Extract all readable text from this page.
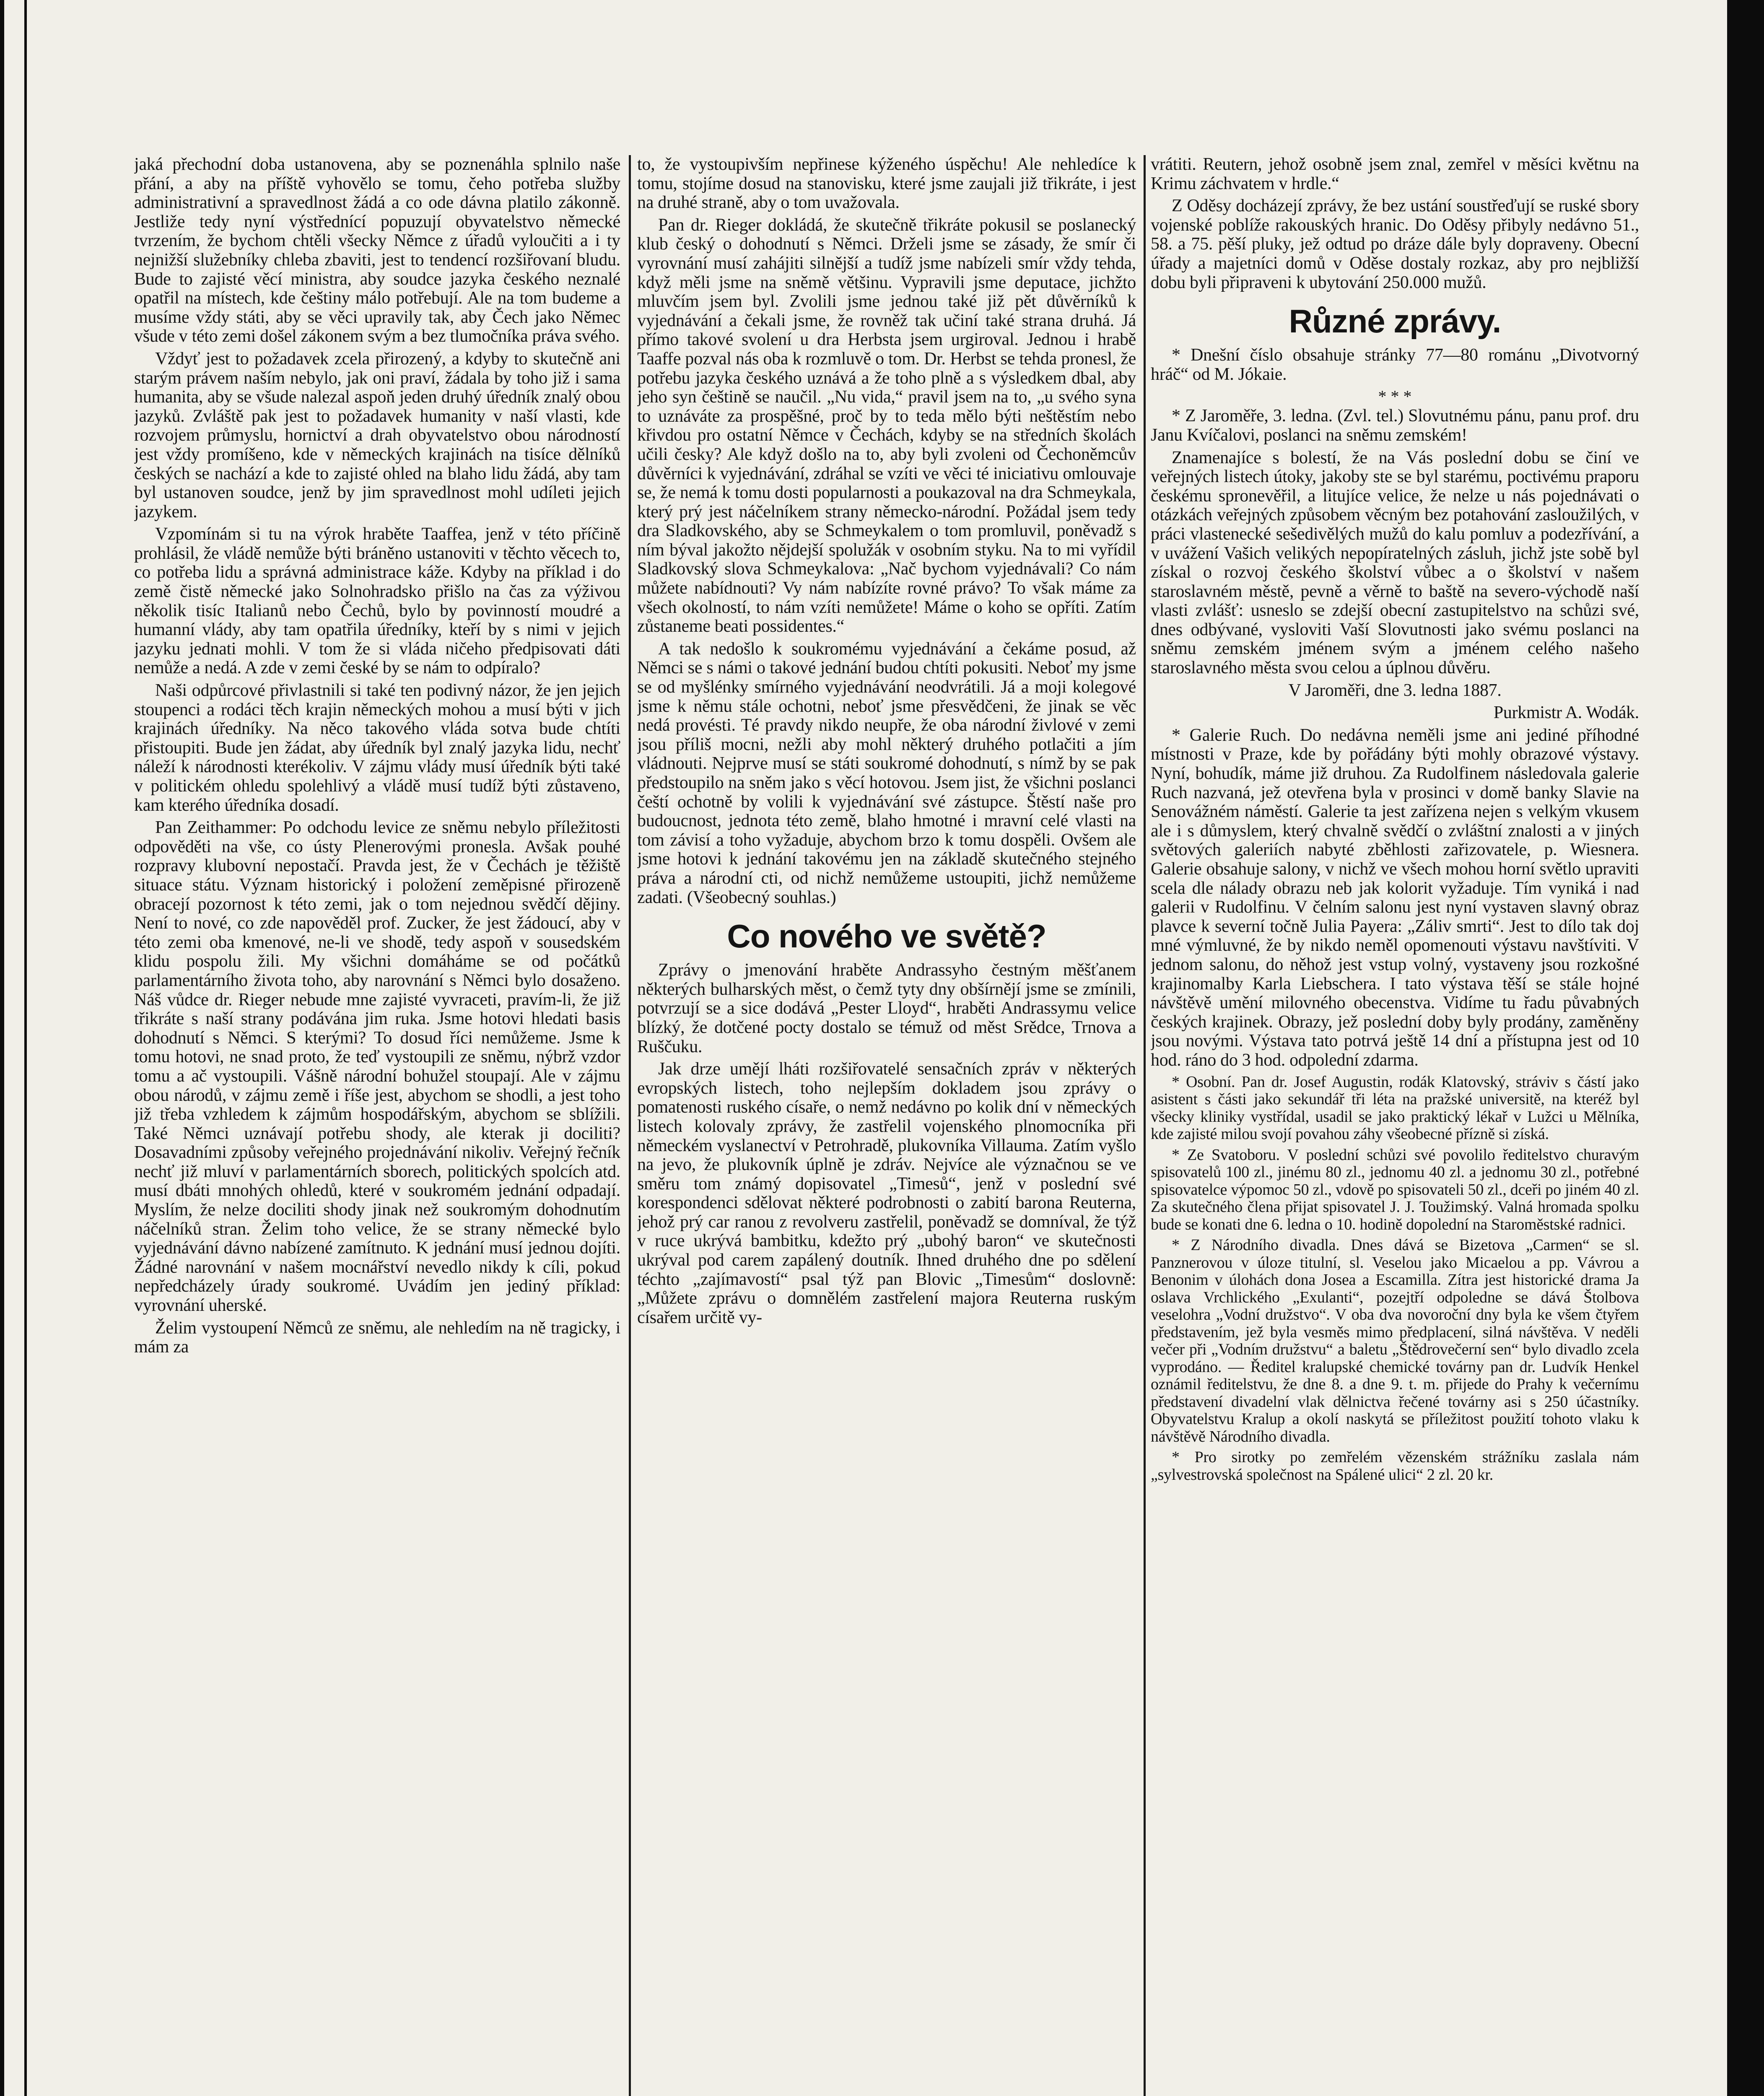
jaká přechodní doba ustanovena, aby se poznenáhla splnilo naše přání, a aby na příště vyhovělo se tomu, čeho potřeba služby administrativní a spravedlnost žádá a co ode dávna platilo zákonně. Jestliže tedy nyní výstřednící popuzují obyvatelstvo německé tvrzením, že bychom chtěli všecky Němce z úřadů vyloučiti a i ty nejnižší služebníky chleba zbaviti, jest to tendencí rozšiřovaní bludu. Bude to zajisté věcí ministra, aby soudce jazyka českého neznalé opatřil na místech, kde češtiny málo potřebují. Ale na tom budeme a musíme vždy státi, aby se věci upravily tak, aby Čech jako Němec všude v této zemi došel zákonem svým a bez tlumočníka práva svého.

Vždyť jest to požadavek zcela přirozený, a kdyby to skutečně ani starým právem naším nebylo, jak oni praví, žádala by toho již i sama humanita, aby se všude nalezal aspoň jeden druhý úředník znalý obou jazyků. Zvláště pak jest to požadavek humanity v naší vlasti, kde rozvojem průmyslu, hornictví a drah obyvatelstvo obou národností jest vždy promíšeno, kde v německých krajinách na tisíce dělníků českých se nachází a kde to zajisté ohled na blaho lidu žádá, aby tam byl ustanoven soudce, jenž by jim spravedlnost mohl udíleti jejich jazykem.

Vzpomínám si tu na výrok hraběte Taaffea, jenž v této příčině prohlásil, že vládě nemůže býti bráněno ustanoviti v těchto věcech to, co potřeba lidu a správná administrace káže. Kdyby na příklad i do země čistě německé jako Solnohradsko přišlo na čas za výživou několik tisíc Italianů nebo Čechů, bylo by povinností moudré a humanní vlády, aby tam opatřila úředníky, kteří by s nimi v jejich jazyku jednati mohli. V tom že si vláda ničeho předpisovati dáti nemůže a nedá. A zde v zemi české by se nám to odpíralo?

Naši odpůrcové přivlastnili si také ten podivný názor, že jen jejich stoupenci a rodáci těch krajin německých mohou a musí býti v jich krajinách úředníky. Na něco takového vláda sotva bude chtíti přistoupiti. Bude jen žádat, aby úředník byl znalý jazyka lidu, nechť náleží k národnosti kterékoliv. V zájmu vlády musí úředník býti také v politickém ohledu spolehlivý a vládě musí tudíž býti zůstaveno, kam kterého úředníka dosadí.

Pan Zeithammer: Po odchodu levice ze sněmu nebylo příležitosti odpověděti na vše, co ústy Plenerovými pronesla. Avšak pouhé rozpravy klubovní nepostačí. Pravda jest, že v Čechách je těžiště situace státu. Význam historický i položení zeměpisné přirozeně obracejí pozornost k této zemi, jak o tom nejednou svědčí dějiny. Není to nové, co zde napověděl prof. Zucker, že jest žádoucí, aby v této zemi oba kmenové, ne-li ve shodě, tedy aspoň v sousedském klidu pospolu žili. My všichni domáháme se od počátků parlamentárního života toho, aby narovnání s Němci bylo dosaženo. Náš vůdce dr. Rieger nebude mne zajisté vyvraceti, pravím-li, že již třikráte s naší strany podávána jim ruka. Jsme hotovi hledati basis dohodnutí s Němci. S kterými? To dosud říci nemůžeme. Jsme k tomu hotovi, ne snad proto, že teď vystoupili ze sněmu, nýbrž vzdor tomu a ač vystoupili. Vášně národní bohužel stoupají. Ale v zájmu obou národů, v zájmu země i říše jest, abychom se shodli, a jest toho již třeba vzhledem k zájmům hospodářským, abychom se sblížili. Také Němci uznávají potřebu shody, ale kterak ji dociliti? Dosavadními způsoby veřejného projednávání nikoliv. Veřejný řečník nechť již mluví v parlamentárních sborech, politických spolcích atd. musí dbáti mnohých ohledů, které v soukromém jednání odpadají. Myslím, že nelze dociliti shody jinak než soukromým dohodnutím náčelníků stran. Želim toho velice, že se strany německé bylo vyjednávání dávno nabízené zamítnuto. K jednání musí jednou dojíti. Žádné narovnání v našem mocnářství nevedlo nikdy k cíli, pokud nepředcházely úrady soukromé. Uvádím jen jediný příklad: vyrovnání uherské.

Želim vystoupení Němců ze sněmu, ale nehledím na ně tragicky, i mám za

to, že vystoupivším nepřinese kýženého úspěchu! Ale nehledíce k tomu, stojíme dosud na stanovisku, které jsme zaujali již třikráte, i jest na druhé straně, aby o tom uvažovala.

Pan dr. Rieger dokládá, že skutečně třikráte pokusil se poslanecký klub český o dohodnutí s Němci. Drželi jsme se zásady, že smír či vyrovnání musí zahájiti silnější a tudíž jsme nabízeli smír vždy tehda, když měli jsme na sněmě většinu. Vypravili jsme deputace, jichžto mluvčím jsem byl. Zvolili jsme jednou také již pět důvěrníků k vyjednávání a čekali jsme, že rovněž tak učiní také strana druhá. Já přímo takové svolení u dra Herbsta jsem urgiroval. Jednou i hrabě Taaffe pozval nás oba k rozmluvě o tom. Dr. Herbst se tehda pronesl, že potřebu jazyka českého uznává a že toho plně a s výsledkem dbal, aby jeho syn češtině se naučil. „Nu vida,“ pravil jsem na to, „u svého syna to uznáváte za prospěšné, proč by to teda mělo býti neštěstím nebo křivdou pro ostatní Němce v Čechách, kdyby se na středních školách učili česky? Ale když došlo na to, aby byli zvoleni od Čechoněmcův důvěrníci k vyjednávání, zdráhal se vzíti ve věci té iniciativu omlouvaje se, že nemá k tomu dosti popularnosti a poukazoval na dra Schmeykala, který prý jest náčelníkem strany německo-národní. Požádal jsem tedy dra Sladkovského, aby se Schmeykalem o tom promluvil, poněvadž s ním býval jakožto nějdejší spolužák v osobním styku. Na to mi vyřídil Sladkovský slova Schmeykalova: „Nač bychom vyjednávali? Co nám můžete nabídnouti? Vy nám nabízíte rovné právo? To však máme za všech okolností, to nám vzíti nemůžete! Máme o koho se opříti. Zatím zůstaneme beati possidentes.“

A tak nedošlo k soukromému vyjednávání a čekáme posud, až Němci se s námi o takové jednání budou chtíti pokusiti. Neboť my jsme se od myšlénky smírného vyjednávání neodvrátili. Já a moji kolegové jsme k němu stále ochotni, neboť jsme přesvědčeni, že jinak se věc nedá provésti. Té pravdy nikdo neupře, že oba národní živlové v zemi jsou příliš mocni, nežli aby mohl některý druhého potlačiti a jím vládnouti. Nejprve musí se státi soukromé dohodnutí, s nímž by se pak předstoupilo na sněm jako s věcí hotovou. Jsem jist, že všichni poslanci čeští ochotně by volili k vyjednávání své zástupce. Štěstí naše pro budoucnost, jednota této země, blaho hmotné i mravní celé vlasti na tom závisí a toho vyžaduje, abychom brzo k tomu dospěli. Ovšem ale jsme hotovi k jednání takovému jen na základě skutečného stejného práva a národní cti, od nichž nemůžeme ustoupiti, jichž nemůžeme zadati. (Všeobecný souhlas.)

Co nového ve světě?

Zprávy o jmenování hraběte Andrassyho čestným měšťanem některých bulharských měst, o čemž tyty dny obšírnějí jsme se zmínili, potvrzují se a sice dodává „Pester Lloyd“, hraběti Andrassymu velice blízký, že dotčené pocty dostalo se témuž od měst Srědce, Trnova a Ruščuku.

Jak drze umějí lháti rozšiřovatelé sensačních zpráv v některých evropských listech, toho nejlepším dokladem jsou zprávy o pomatenosti ruského císaře, o nemž nedávno po kolik dní v německých listech kolovaly zprávy, že zastřelil vojenského plnomocníka při německém vyslanectví v Petrohradě, plukovníka Villauma. Zatím vyšlo na jevo, že plukovník úplně je zdráv. Nejvíce ale význačnou se ve směru tom známý dopisovatel „Timesů“, jenž v poslední své korespondenci sdělovat některé podrobnosti o zabití barona Reuterna, jehož prý car ranou z revolveru zastřelil, poněvadž se domníval, že týž v ruce ukrývá bambitku, kdežto prý „ubohý baron“ ve skutečnosti ukrýval pod carem zapálený doutník. Ihned druhého dne po sdělení téchto „zajímavostí“ psal týž pan Blovic „Timesům“ doslovně: „Můžete zprávu o domnělém zastřelení majora Reuterna ruským císařem určitě vy-

vrátiti. Reutern, jehož osobně jsem znal, zemřel v měsíci květnu na Krimu záchvatem v hrdle.“

Z Oděsy docházejí zprávy, že bez ustání soustřeďují se ruské sbory vojenské poblíže rakouských hranic. Do Oděsy přibyly nedávno 51., 58. a 75. pěší pluky, jež odtud po dráze dále byly dopraveny. Obecní úřady a majetníci domů v Oděse dostaly rozkaz, aby pro nejbližší dobu byli připraveni k ubytování 250.000 mužů.

Různé zprávy.

* Dnešní číslo obsahuje stránky 77—80 románu „Divotvorný hráč“ od M. Jókaie.

* * *

* Z Jaroměře, 3. ledna. (Zvl. tel.) Slovutnému pánu, panu prof. dru Janu Kvíčalovi, poslanci na sněmu zemském!

Znamenajíce s bolestí, že na Vás poslední dobu se činí ve veřejných listech útoky, jakoby ste se byl starému, poctivému praporu českému spronevěřil, a litujíce velice, že nelze u nás pojednávati o otázkách veřejných způsobem věcným bez potahování zasloužilých, v práci vlastenecké sešedivělých mužů do kalu pomluv a podezřívání, a v uvážení Vašich velikých nepopíratelných zásluh, jichž jste sobě byl získal o rozvoj českého školství vůbec a o školství v našem staroslavném městě, pevně a věrně to baště na severo-východě naší vlasti zvlášť: usneslo se zdejší obecní zastupitelstvo na schůzi své, dnes odbývané, vysloviti Vaší Slovutnosti jako svému poslanci na sněmu zemském jménem svým a jménem celého našeho staroslavného města svou celou a úplnou důvěru.

V Jaroměři, dne 3. ledna 1887.

Purkmistr A. Wodák.

* Galerie Ruch. Do nedávna neměli jsme ani jediné příhodné místnosti v Praze, kde by pořádány býti mohly obrazové výstavy. Nyní, bohudík, máme již druhou. Za Rudolfinem následovala galerie Ruch nazvaná, jež otevřena byla v prosinci v domě banky Slavie na Senovážném náměstí. Galerie ta jest zařízena nejen s velkým vkusem ale i s důmyslem, který chvalně svědčí o zvláštní znalosti a v jiných světových galeriích nabyté zběhlosti zařizovatele, p. Wiesnera. Galerie obsahuje salony, v nichž ve všech mohou horní světlo upraviti scela dle nálady obrazu neb jak kolorit vyžaduje. Tím vyniká i nad galerii v Rudolfinu. V čelním salonu jest nyní vystaven slavný obraz plavce k severní točně Julia Payera: „Záliv smrti“. Jest to dílo tak doj mné výmluvné, že by nikdo neměl opomenouti výstavu navštíviti. V jednom salonu, do něhož jest vstup volný, vystaveny jsou rozkošné krajinomalby Karla Liebschera. I tato výstava těší se stále hojné návštěvě umění milovného obecenstva. Vidíme tu řadu půvabných českých krajinek. Obrazy, jež poslední doby byly prodány, zaměněny jsou novými. Výstava tato potrvá ještě 14 dní a přístupna jest od 10 hod. ráno do 3 hod. odpolední zdarma.

* Osobní. Pan dr. Josef Augustin, rodák Klatovský, stráviv s částí jako asistent s části jako sekundář tři léta na pražské universitě, na kteréž byl všecky kliniky vystřídal, usadil se jako praktický lékař v Lužci u Mělníka, kde zajisté milou svojí povahou záhy všeobecné přízně si získá.

* Ze Svatoboru. V poslední schůzi své povolilo ředitelstvo churavým spisovatelů 100 zl., jinému 80 zl., jednomu 40 zl. a jednomu 30 zl., potřebné spisovatelce výpomoc 50 zl., vdově po spisovateli 50 zl., dceři po jiném 40 zl. Za skutečného člena přijat spisovatel J. J. Toužimský. Valná hromada spolku bude se konati dne 6. ledna o 10. hodině dopolední na Staroměstské radnici.

* Z Národního divadla. Dnes dává se Bizetova „Carmen“ se sl. Panznerovou v úloze titulní, sl. Veselou jako Micaelou a pp. Vávrou a Benonim v úlohách dona Josea a Escamilla. Zítra jest historické drama Ja oslava Vrchlického „Exulanti“, pozejtří odpoledne se dává Štolbova veselohra „Vodní družstvo“. V oba dva novoroční dny byla ke všem čtyřem představením, jež byla vesměs mimo předplacení, silná návštěva. V neděli večer při „Vodním družstvu“ a baletu „Štědrovečerní sen“ bylo divadlo zcela vyprodáno. — Ředitel kralupské chemické továrny pan dr. Ludvík Henkel oznámil ředitelstvu, že dne 8. a dne 9. t. m. přijede do Prahy k večernímu představení divadelní vlak dělnictva řečené továrny asi s 250 účastníky. Obyvatelstvu Kralup a okolí naskytá se příležitost použití tohoto vlaku k návštěvě Národního divadla.

* Pro sirotky po zemřelém vězenském strážníku zaslala nám „sylvestrovská společnost na Spálené ulici“ 2 zl. 20 kr.
